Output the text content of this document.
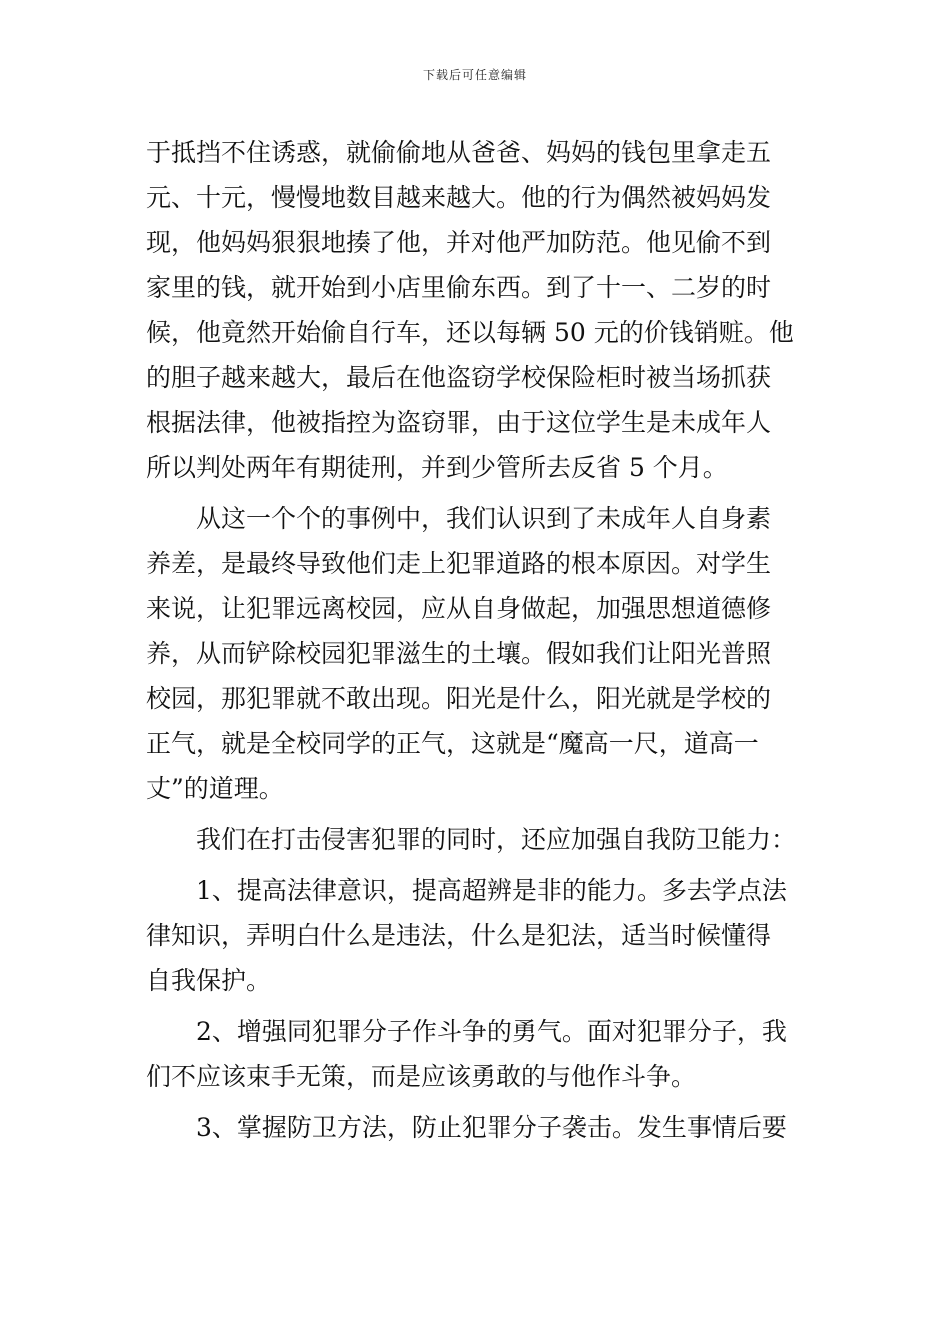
下载后可任意编辑
于抵挡不住诱惑，就偷偷地从爸爸、妈妈的钱包里拿走五
元、十元，慢慢地数目越来越大。他的行为偶然被妈妈发
现，他妈妈狠狠地揍了他，并对他严加防范。他见偷不到
家里的钱，就开始到小店里偷东西。到了十一、二岁的时
候，他竟然开始偷自行车，还以每辆 50 元的价钱销赃。他
的胆子越来越大，最后在他盗窃学校保险柜时被当场抓获
根据法律，他被指控为盗窃罪，由于这位学生是未成年人
所以判处两年有期徒刑，并到少管所去反省 5 个月。
从这一个个的事例中，我们认识到了未成年人自身素
养差，是最终导致他们走上犯罪道路的根本原因。对学生
来说，让犯罪远离校园，应从自身做起，加强思想道德修
养，从而铲除校园犯罪滋生的土壤。假如我们让阳光普照
校园，那犯罪就不敢出现。阳光是什么，阳光就是学校的
正气，就是全校同学的正气，这就是“魔高一尺，道高一
丈”的道理。
我们在打击侵害犯罪的同时，还应加强自我防卫能力：
1、提高法律意识，提高超辨是非的能力。多去学点法
律知识，弄明白什么是违法，什么是犯法，适当时候懂得
自我保护。
2、增强同犯罪分子作斗争的勇气。面对犯罪分子，我
们不应该束手无策，而是应该勇敢的与他作斗争。
3、掌握防卫方法，防止犯罪分子袭击。发生事情后要
